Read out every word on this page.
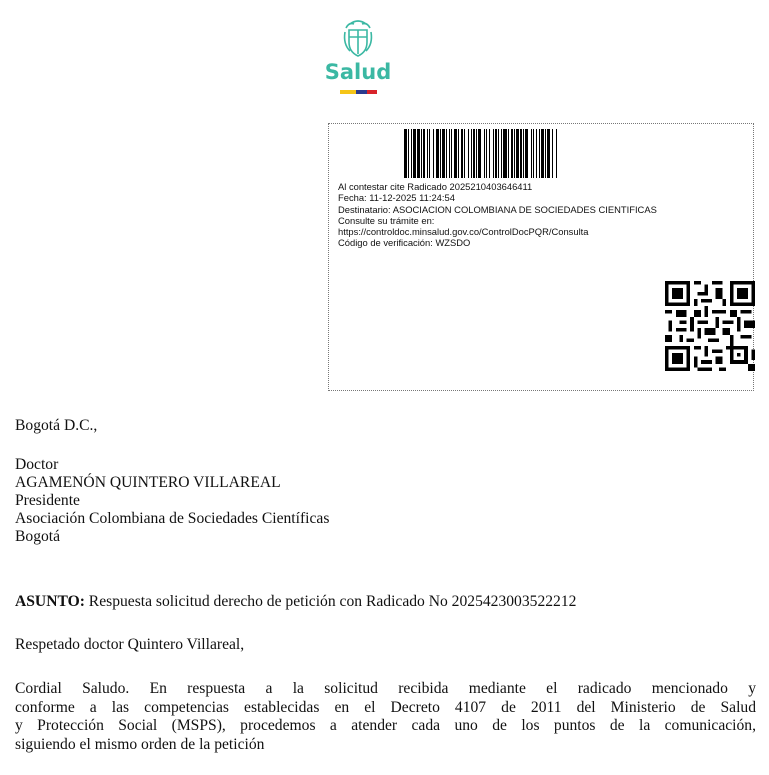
Salud
Al contestar cite Radicado 2025210403646411
Fecha: 11-12-2025 11:24:54
Destinatario: ASOCIACION COLOMBIANA DE SOCIEDADES CIENTIFICAS
Consulte su trámite en:
https://controldoc.minsalud.gov.co/ControlDocPQR/Consulta
Código de verificación: WZSDO
Bogotá D.C.,
Doctor
AGAMENÓN QUINTERO VILLAREAL
Presidente
Asociación Colombiana de Sociedades Científicas
Bogotá
ASUNTO: Respuesta solicitud derecho de petición con Radicado No 2025423003522212
Respetado doctor Quintero Villareal,
Cordial Saludo. En respuesta a la solicitud recibida mediante el radicado mencionado y
conforme a las competencias establecidas en el Decreto 4107 de 2011 del Ministerio de Salud
y Protección Social (MSPS), procedemos a atender cada uno de los puntos de la comunicación,
siguiendo el mismo orden de la petición
